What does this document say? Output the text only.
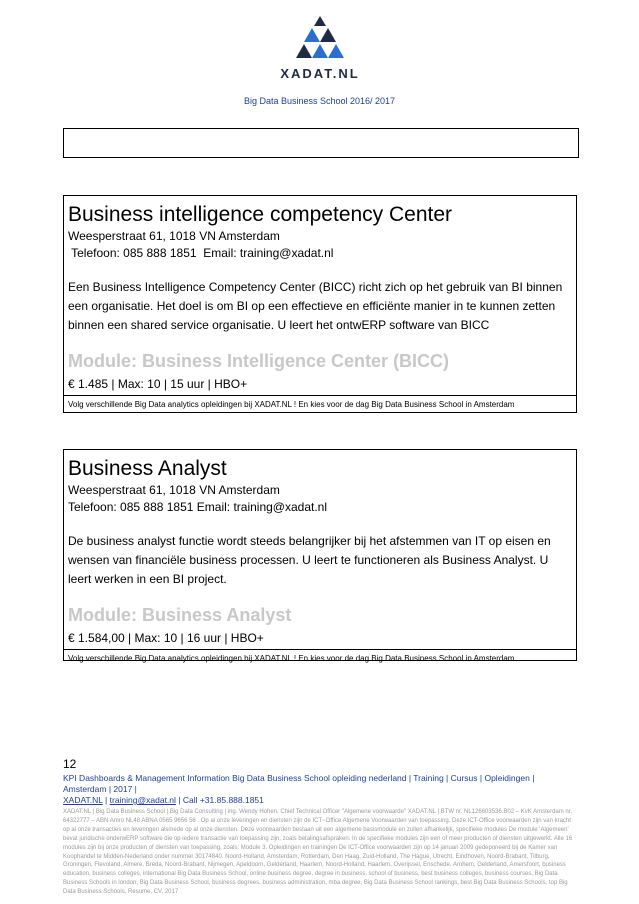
XADAT.NL
Big Data Business School 2016/ 2017
Business intelligence competency Center
Weesperstraat 61, 1018 VN Amsterdam
Telefoon: 085 888 1851  Email: training@xadat.nl
Een Business Intelligence Competency Center (BICC) richt zich op het gebruik van BI binnen een organisatie. Het doel is om BI op een effectieve en efficiënte manier in te kunnen zetten binnen een shared service organisatie. U leert het ontwERP software van BICC
Module: Business Intelligence Center (BICC)
€ 1.485 | Max: 10 | 15 uur | HBO+
Volg verschillende Big Data analytics opleidingen bij XADAT.NL ! En kies voor de dag Big Data Business School in Amsterdam
Business Analyst
Weesperstraat 61, 1018 VN Amsterdam
Telefoon: 085 888 1851 Email: training@xadat.nl
De business analyst functie wordt steeds belangrijker bij het afstemmen van IT op eisen en wensen van financiële business processen. U leert te functioneren als Business Analyst. U leert werken in een BI project.
Module: Business Analyst
€ 1.584,00 | Max: 10 | 16 uur | HBO+
Volg verschillende Big Data analytics opleidingen bij XADAT.NL ! En kies voor de dag Big Data Business School in Amsterdam
12
KPI Dashboards & Management Information Big Data Business School opleiding nederland | Training | Cursus | Opleidingen | Amsterdam | 2017 |
XADAT.NL | training@xadat.nl | Call +31.85.888.1851
XADAT.NL | Big Data Business School | Big Data Consulting | ing. Wendy Hohen, Chief Technical Officer "Algemene voorwaarde" XADAT.NL | BTW nr. NL126603536.B02 – KvK Amsterdam nr. 64322777 – ABN Amro NL48 ABNA 0565 9656 56 . Op al onze leveringen en diensten zijn de ICT~Office Algemene Voorwaarden van toepassing. Deze ICT-Office voorwaarden zijn van kracht op al onze transacties en leveringen alsmede op al onze diensten. Deze voorwaarden bestaan uit een algemene basismodule en zullen afhankelijk, specifieke modules De module 'Algemeen' bevat juridische onderwERP software die op iedere transactie van toepassing zijn, zoals betalingsafspraken. In de specifieke modules zijn een of meer producten of diensten uitgewerkt. Alle 16 modules zijn bij onze producten of diensten van toepassing, zoals: Module 3. Opleidingen en trainingen De ICT-Office voorwaarden zijn op 14 januari 2009 gedeponeerd bij de Kamer van Koophandel te Midden-Nederland onder nummer 30174840. Noord-Holland, Amsterdam, Rotterdam, Den Haag, Zuid-Holland, The Hague, Utrecht, Eindhoven, Noord-Brabant, Tilburg, Groningen, Flevoland, Almere, Breda, Noord-Brabant, Nijmegen, Apeldoorn, Gelderland, Haarlem, Noord-Holland, Haarlem, Overijssel, Enschede, Arnhem, Gelderland, Amersfoort, business education, business colleges, international Big Data Business School, online business degree, degree in business, school of business, best business colleges, business courses, Big Data Business Schools in london, Big Data Business School, business degrees, business administration, mba degree, Big Data Business School rankings, best Big Data Business Schools, top Big Data Business Schools, Resume, CV, 2017
